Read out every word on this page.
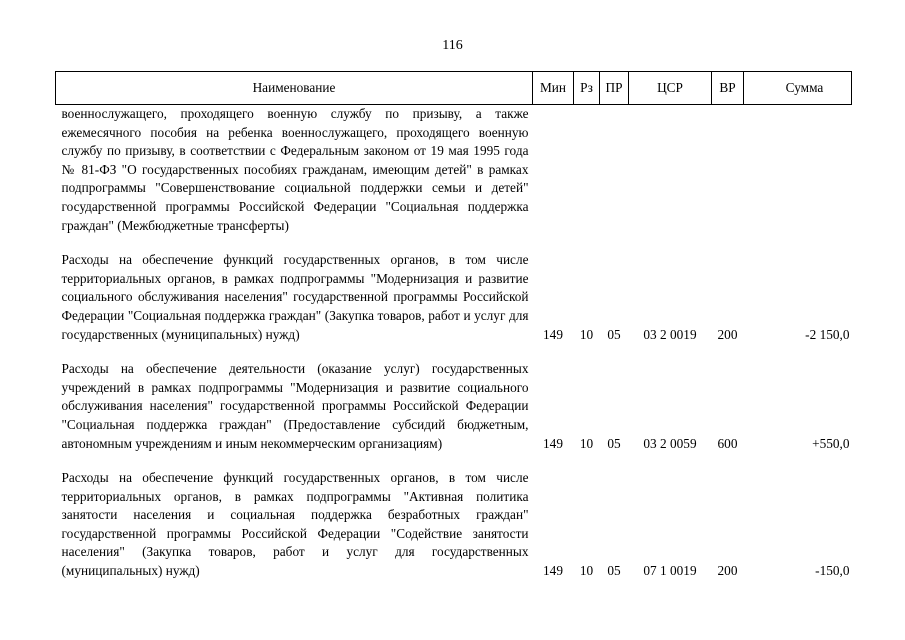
116
Наименование	Мин	Рз	ПР	ЦСР	ВР	Сумма
военнослужащего, проходящего военную службу по призыву, а также ежемесячного пособия на ребенка военнослужащего, проходящего военную службу по призыву, в соответствии с Федеральным законом от 19 мая 1995 года № 81-ФЗ "О государственных пособиях гражданам, имеющим детей" в рамках подпрограммы "Совершенствование социальной поддержки семьи и детей" государственной программы Российской Федерации "Социальная поддержка граждан" (Межбюджетные трансферты)						
Расходы на обеспечение функций государственных органов, в том числе территориальных органов, в рамках подпрограммы "Модернизация и развитие социального обслуживания населения" государственной программы Российской Федерации "Социальная поддержка граждан" (Закупка товаров, работ и услуг для государственных (муниципальных) нужд)	149	10	05	03 2 0019	200	-2 150,0
Расходы на обеспечение деятельности (оказание услуг) государственных учреждений в рамках подпрограммы "Модернизация и развитие социального обслуживания населения" государственной программы Российской Федерации "Социальная поддержка граждан" (Предоставление субсидий бюджетным, автономным учреждениям и иным некоммерческим организациям)	149	10	05	03 2 0059	600	+550,0
Расходы на обеспечение функций государственных органов, в том числе территориальных органов, в рамках подпрограммы "Активная политика занятости населения и социальная поддержка безработных граждан" государственной программы Российской Федерации "Содействие занятости населения" (Закупка товаров, работ и услуг для государственных (муниципальных) нужд)	149	10	05	07 1 0019	200	-150,0
